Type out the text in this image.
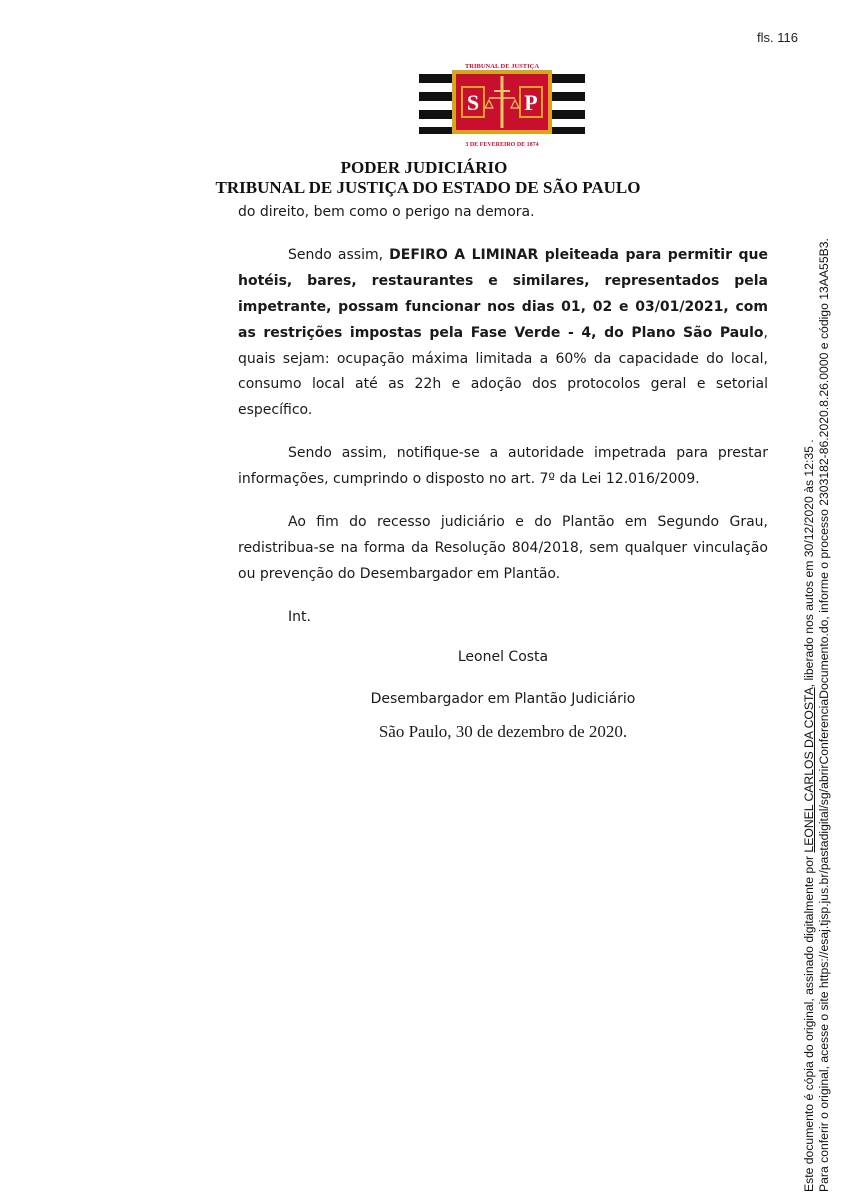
fls. 116
S P
TRIBUNAL DE JUSTIÇA
3 DE FEVEREIRO DE 1874
PODER JUDICIÁRIO
TRIBUNAL DE JUSTIÇA DO ESTADO DE SÃO PAULO

do direito, bem como o perigo na demora.

Sendo assim, DEFIRO A LIMINAR pleiteada para permitir que hotéis, bares, restaurantes e similares, representados pela impetrante, possam funcionar nos dias 01, 02 e 03/01/2021, com as restrições impostas pela Fase Verde - 4, do Plano São Paulo, quais sejam: ocupação máxima limitada a 60% da capacidade do local, consumo local até as 22h e adoção dos protocolos geral e setorial específico.

Sendo assim, notifique-se a autoridade impetrada para prestar informações, cumprindo o disposto no art. 7º da Lei 12.016/2009.

Ao fim do recesso judiciário e do Plantão em Segundo Grau, redistribua-se na forma da Resolução 804/2018, sem qualquer vinculação ou prevenção do Desembargador em Plantão.

Int.

Leonel Costa
Desembargador em Plantão Judiciário
São Paulo, 30 de dezembro de 2020.
Este documento é cópia do original, assinado digitalmente por LEONEL CARLOS DA COSTA, liberado nos autos em 30/12/2020 às 12:35 . Para conferir o original, acesse o site https://esaj.tjsp.jus.br/pastadigital/sg/abrirConferenciaDocumento.do, informe o processo 2303182-86.2020.8.26.0000 e código 13AA55B3.
